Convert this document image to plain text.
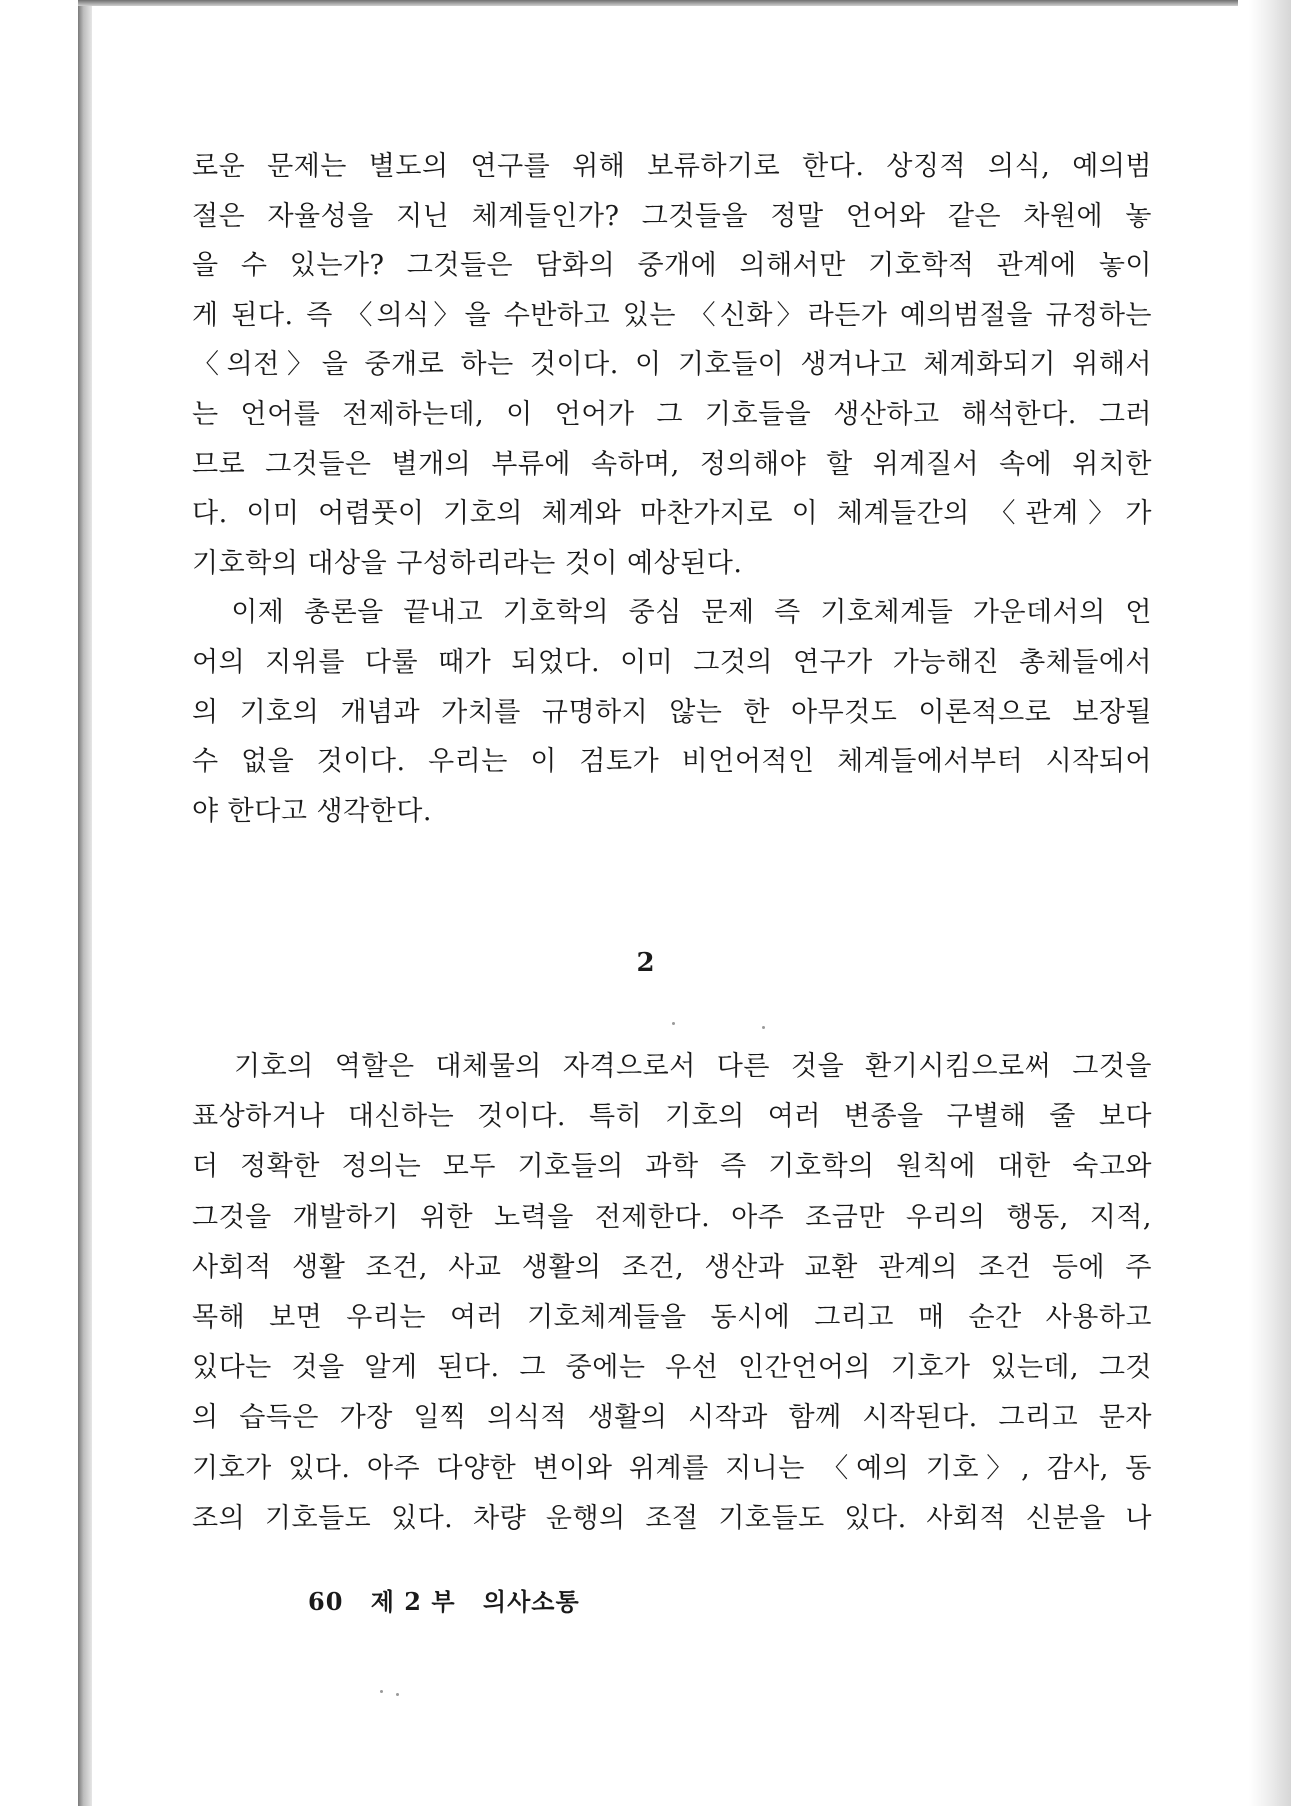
로운 문제는 별도의 연구를 위해 보류하기로 한다. 상징적 의식, 예의범
절은 자율성을 지닌 체계들인가? 그것들을 정말 언어와 같은 차원에 놓
을 수 있는가? 그것들은 담화의 중개에 의해서만 기호학적 관계에 놓이
게 된다. 즉 〈의식〉을 수반하고 있는 〈신화〉라든가 예의범절을 규정하는
〈의전〉을 중개로 하는 것이다. 이 기호들이 생겨나고 체계화되기 위해서
는 언어를 전제하는데, 이 언어가 그 기호들을 생산하고 해석한다. 그러
므로 그것들은 별개의 부류에 속하며, 정의해야 할 위계질서 속에 위치한
다. 이미 어렴풋이 기호의 체계와 마찬가지로 이 체계들간의 〈관계〉가
기호학의 대상을 구성하리라는 것이 예상된다.
이제 총론을 끝내고 기호학의 중심 문제 즉 기호체계들 가운데서의 언
어의 지위를 다룰 때가 되었다. 이미 그것의 연구가 가능해진 총체들에서
의 기호의 개념과 가치를 규명하지 않는 한 아무것도 이론적으로 보장될
수 없을 것이다. 우리는 이 검토가 비언어적인 체계들에서부터 시작되어
야 한다고 생각한다.
2
기호의 역할은 대체물의 자격으로서 다른 것을 환기시킴으로써 그것을
표상하거나 대신하는 것이다. 특히 기호의 여러 변종을 구별해 줄 보다
더 정확한 정의는 모두 기호들의 과학 즉 기호학의 원칙에 대한 숙고와
그것을 개발하기 위한 노력을 전제한다. 아주 조금만 우리의 행동, 지적,
사회적 생활 조건, 사교 생활의 조건, 생산과 교환 관계의 조건 등에 주
목해 보면 우리는 여러 기호체계들을 동시에 그리고 매 순간 사용하고
있다는 것을 알게 된다. 그 중에는 우선 인간언어의 기호가 있는데, 그것
의 습득은 가장 일찍 의식적 생활의 시작과 함께 시작된다. 그리고 문자
기호가 있다. 아주 다양한 변이와 위계를 지니는 〈예의 기호〉, 감사, 동
조의 기호들도 있다. 차량 운행의 조절 기호들도 있다. 사회적 신분을 나
60 제 2 부 의사소통
